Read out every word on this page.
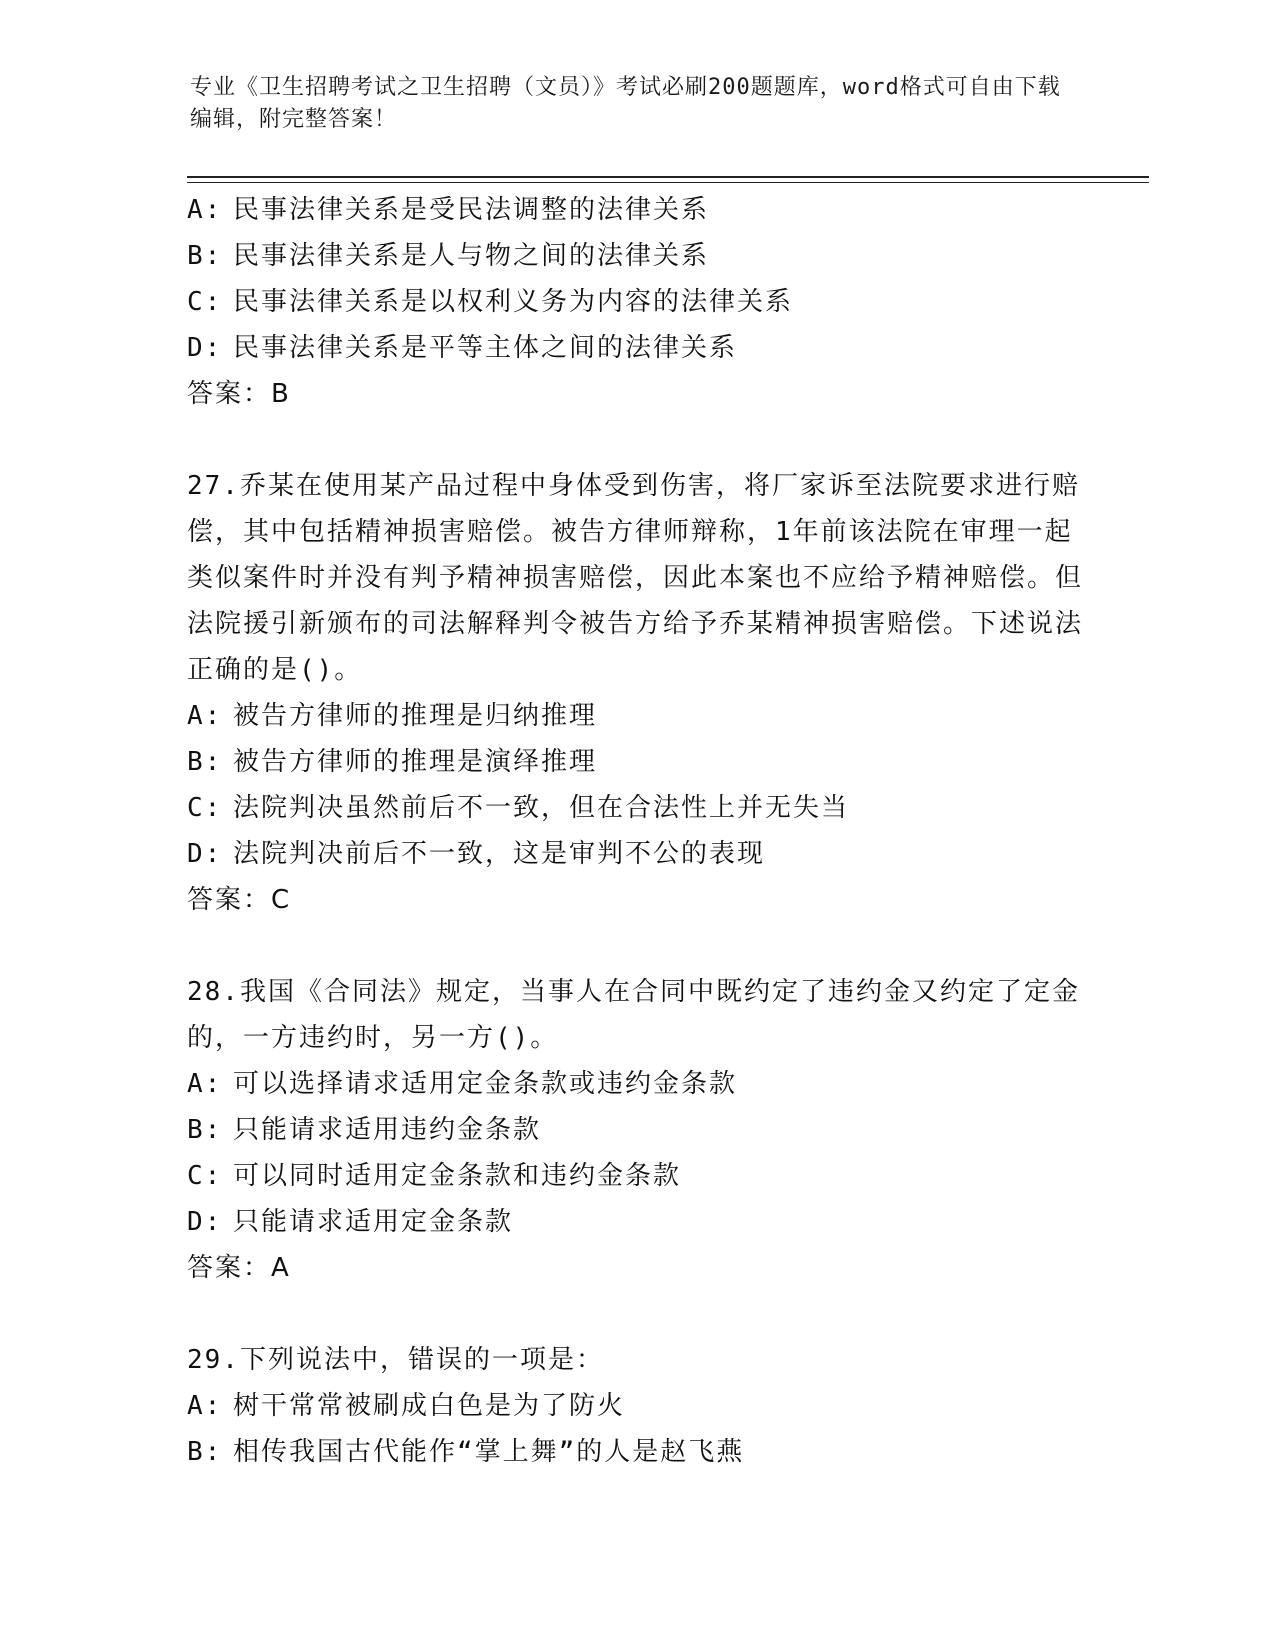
专业《卫生招聘考试之卫生招聘（文员）》考试必刷200题题库，word格式可自由下载编辑，附完整答案！
A: 民事法律关系是受民法调整的法律关系
B: 民事法律关系是人与物之间的法律关系
C: 民事法律关系是以权利义务为内容的法律关系
D: 民事法律关系是平等主体之间的法律关系
答案：B
27.乔某在使用某产品过程中身体受到伤害，将厂家诉至法院要求进行赔偿，其中包括精神损害赔偿。被告方律师辩称，1年前该法院在审理一起类似案件时并没有判予精神损害赔偿，因此本案也不应给予精神赔偿。但法院援引新颁布的司法解释判令被告方给予乔某精神损害赔偿。下述说法正确的是()。
A: 被告方律师的推理是归纳推理
B: 被告方律师的推理是演绎推理
C: 法院判决虽然前后不一致，但在合法性上并无失当
D: 法院判决前后不一致，这是审判不公的表现
答案：C
28.我国《合同法》规定，当事人在合同中既约定了违约金又约定了定金的，一方违约时，另一方()。
A: 可以选择请求适用定金条款或违约金条款
B: 只能请求适用违约金条款
C: 可以同时适用定金条款和违约金条款
D: 只能请求适用定金条款
答案：A
29.下列说法中，错误的一项是：
A: 树干常常被刷成白色是为了防火
B: 相传我国古代能作“掌上舞”的人是赵飞燕
